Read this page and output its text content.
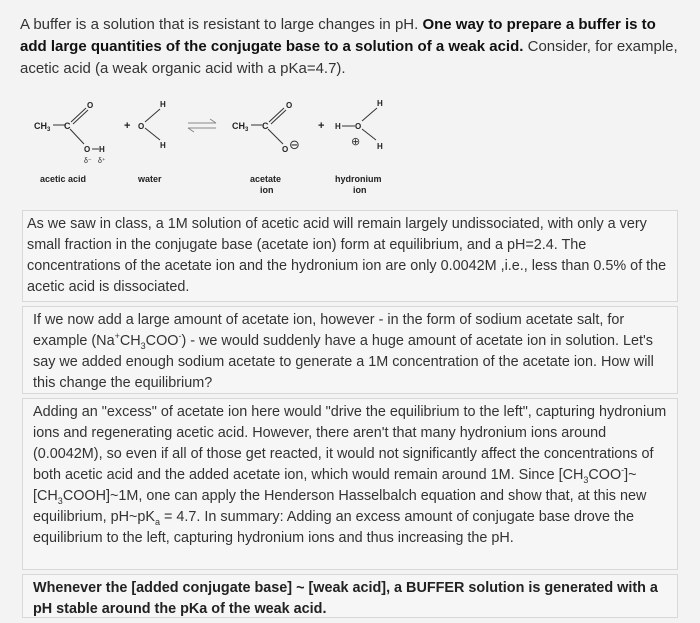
A buffer is a solution that is resistant to large changes in pH. One way to prepare a buffer is to add large quantities of the conjugate base to a solution of a weak acid. Consider, for example, acetic acid (a weak organic acid with a pKa=4.7).
$CH_3$ C
O
O H
δ⁻ δ⁺
acetic acid
+ O
H
H
water
$CH_3$ C
O
O ⊖
acetate
ion
+ H O
H
H
⊕
hydronium
ion
As we saw in class, a 1M solution of acetic acid will remain largely undissociated, with only a very small fraction in the conjugate base (acetate ion) form at equilibrium, and a pH=2.4. The concentrations of the acetate ion and the hydronium ion are only 0.0042M ,i.e., less than 0.5% of the acetic acid is dissociated.
If we now add a large amount of acetate ion, however - in the form of sodium acetate salt, for example $(Na^+CH_3COO^-)$ - we would suddenly have a huge amount of acetate ion in solution. Let's say we added enough sodium acetate to generate a 1M concentration of the acetate ion. How will this change the equilibrium?
Adding an "excess" of acetate ion here would "drive the equilibrium to the left", capturing hydronium ions and regenerating acetic acid. However, there aren't that many hydronium ions around (0.0042M), so even if all of those get reacted, it would not significantly affect the concentrations of both acetic acid and the added acetate ion, which would remain around 1M. Since $[CH_3COO^-]\sim[CH_3COOH]\sim 1M$, one can apply the Henderson Hasselbalch equation and show that, at this new equilibrium, $pH\sim pK_a = 4.7$. In summary: Adding an excess amount of conjugate base drove the equilibrium to the left, capturing hydronium ions and thus increasing the pH.
Whenever the [added conjugate base] ~ [weak acid], a BUFFER solution is generated with a pH stable around the pKa of the weak acid.
